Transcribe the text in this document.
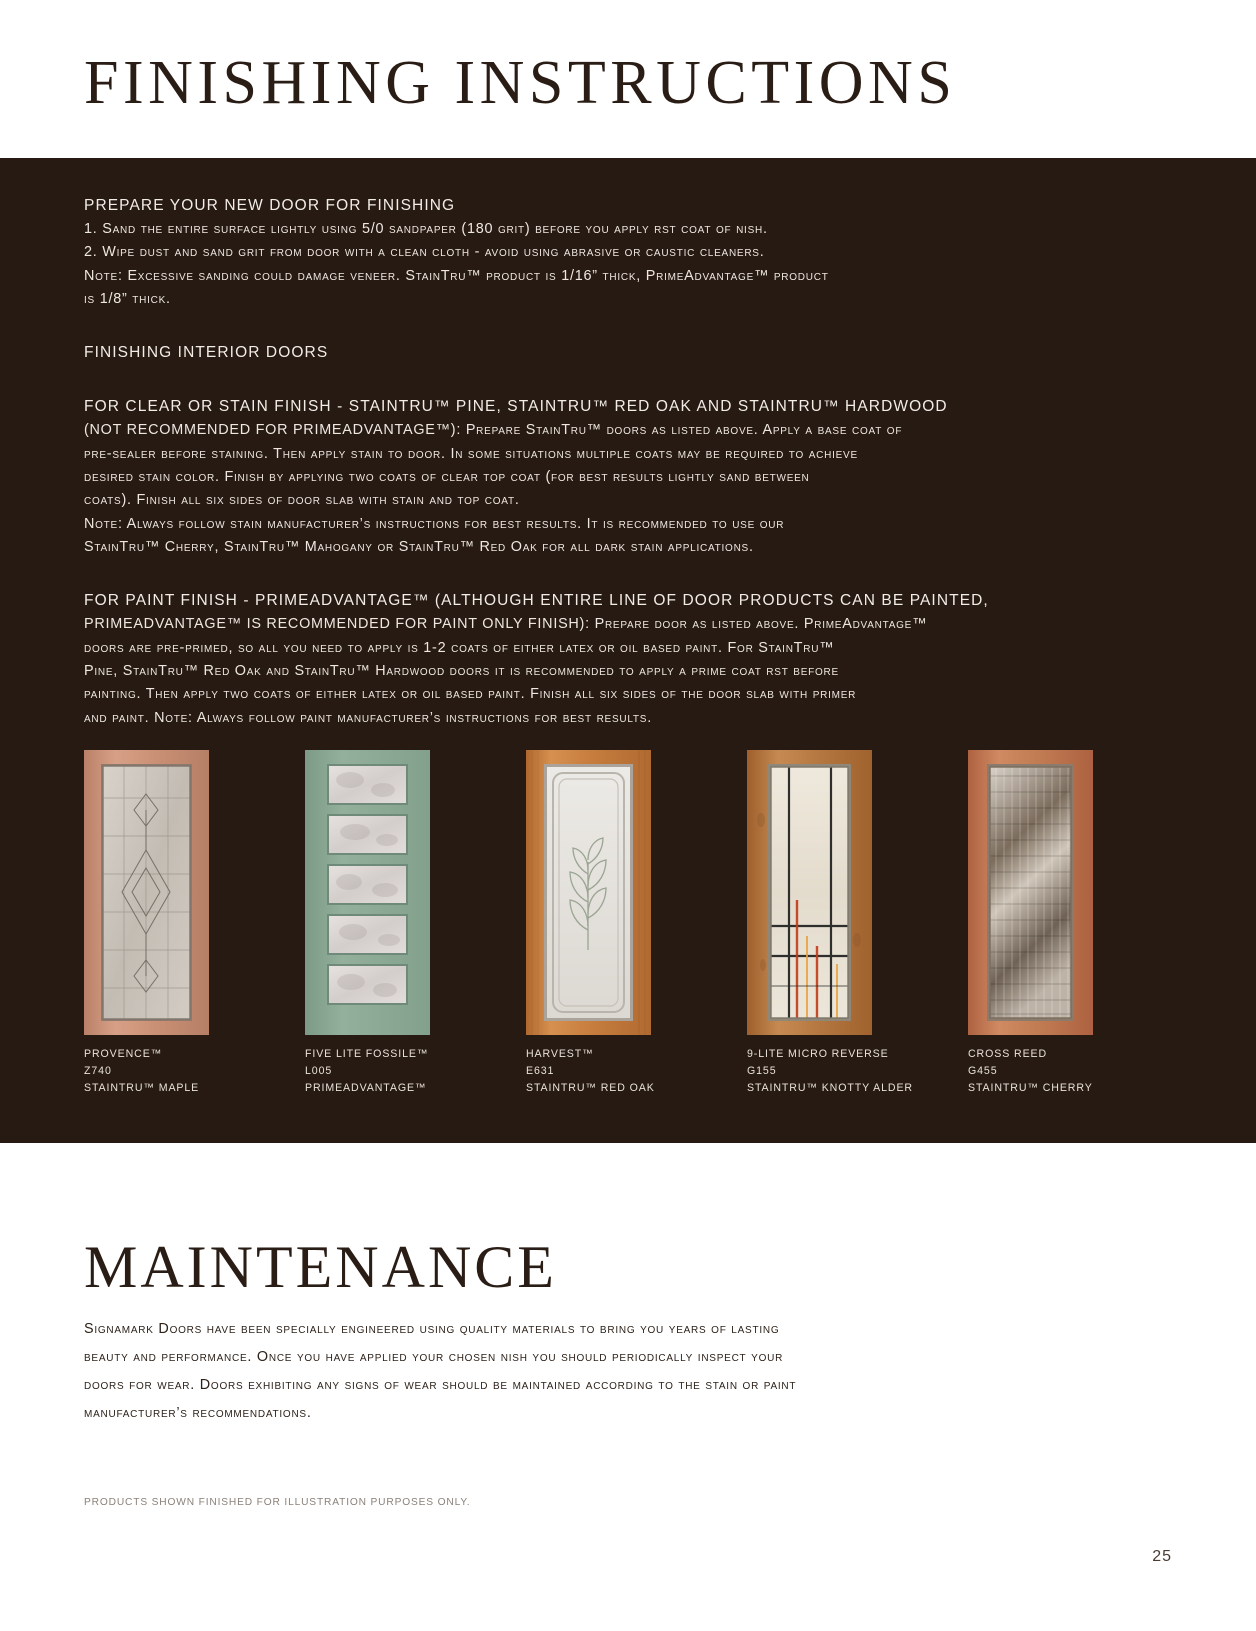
FINISHING INSTRUCTIONS
PREPARE YOUR NEW DOOR FOR FINISHING
1. Sand the entire surface lightly using 5/0 sandpaper (180 grit) before you apply rst coat of nish.
2. Wipe dust and sand grit from door with a clean cloth - avoid using abrasive or caustic cleaners.
Note: Excessive sanding could damage veneer. StainTru™ product is 1/16” thick, PrimeAdvantage™ product
is 1/8” thick.
FINISHING INTERIOR DOORS
FOR CLEAR OR STAIN FINISH - STAINTRU™ PINE, STAINTRU™ RED OAK AND STAINTRU™ HARDWOOD
(NOT RECOMMENDED FOR PRIMEADVANTAGE™): Prepare StainTru™ doors as listed above. Apply a base coat of
pre-sealer before staining. Then apply stain to door. In some situations multiple coats may be required to achieve
desired stain color. Finish by applying two coats of clear top coat (for best results lightly sand between
coats). Finish all six sides of door slab with stain and top coat.
Note: Always follow stain manufacturer’s instructions for best results. It is recommended to use our
StainTru™ Cherry, StainTru™ Mahogany or StainTru™ Red Oak for all dark stain applications.
FOR PAINT FINISH - PRIMEADVANTAGE™ (ALTHOUGH ENTIRE LINE OF DOOR PRODUCTS CAN BE PAINTED,
PRIMEADVANTAGE™ IS RECOMMENDED FOR PAINT ONLY FINISH): Prepare door as listed above. PrimeAdvantage™
doors are pre-primed, so all you need to apply is 1-2 coats of either latex or oil based paint. For StainTru™
Pine, StainTru™ Red Oak and StainTru™ Hardwood doors it is recommended to apply a prime coat rst before
painting. Then apply two coats of either latex or oil based paint. Finish all six sides of the door slab with primer
and paint. Note: Always follow paint manufacturer’s instructions for best results.
PROVENCE™
Z740
STAINTRU™ MAPLE
FIVE LITE FOSSILE™
L005
PRIMEADVANTAGE™
HARVEST™
E631
STAINTRU™ RED OAK
9-LITE MICRO REVERSE
G155
STAINTRU™ KNOTTY ALDER
CROSS REED
G455
STAINTRU™ CHERRY
MAINTENANCE
Signamark Doors have been specially engineered using quality materials to bring you years of lasting
beauty and performance. Once you have applied your chosen nish you should periodically inspect your
doors for wear. Doors exhibiting any signs of wear should be maintained according to the stain or paint
manufacturer’s recommendations.
PRODUCTS SHOWN FINISHED FOR ILLUSTRATION PURPOSES ONLY.
25
